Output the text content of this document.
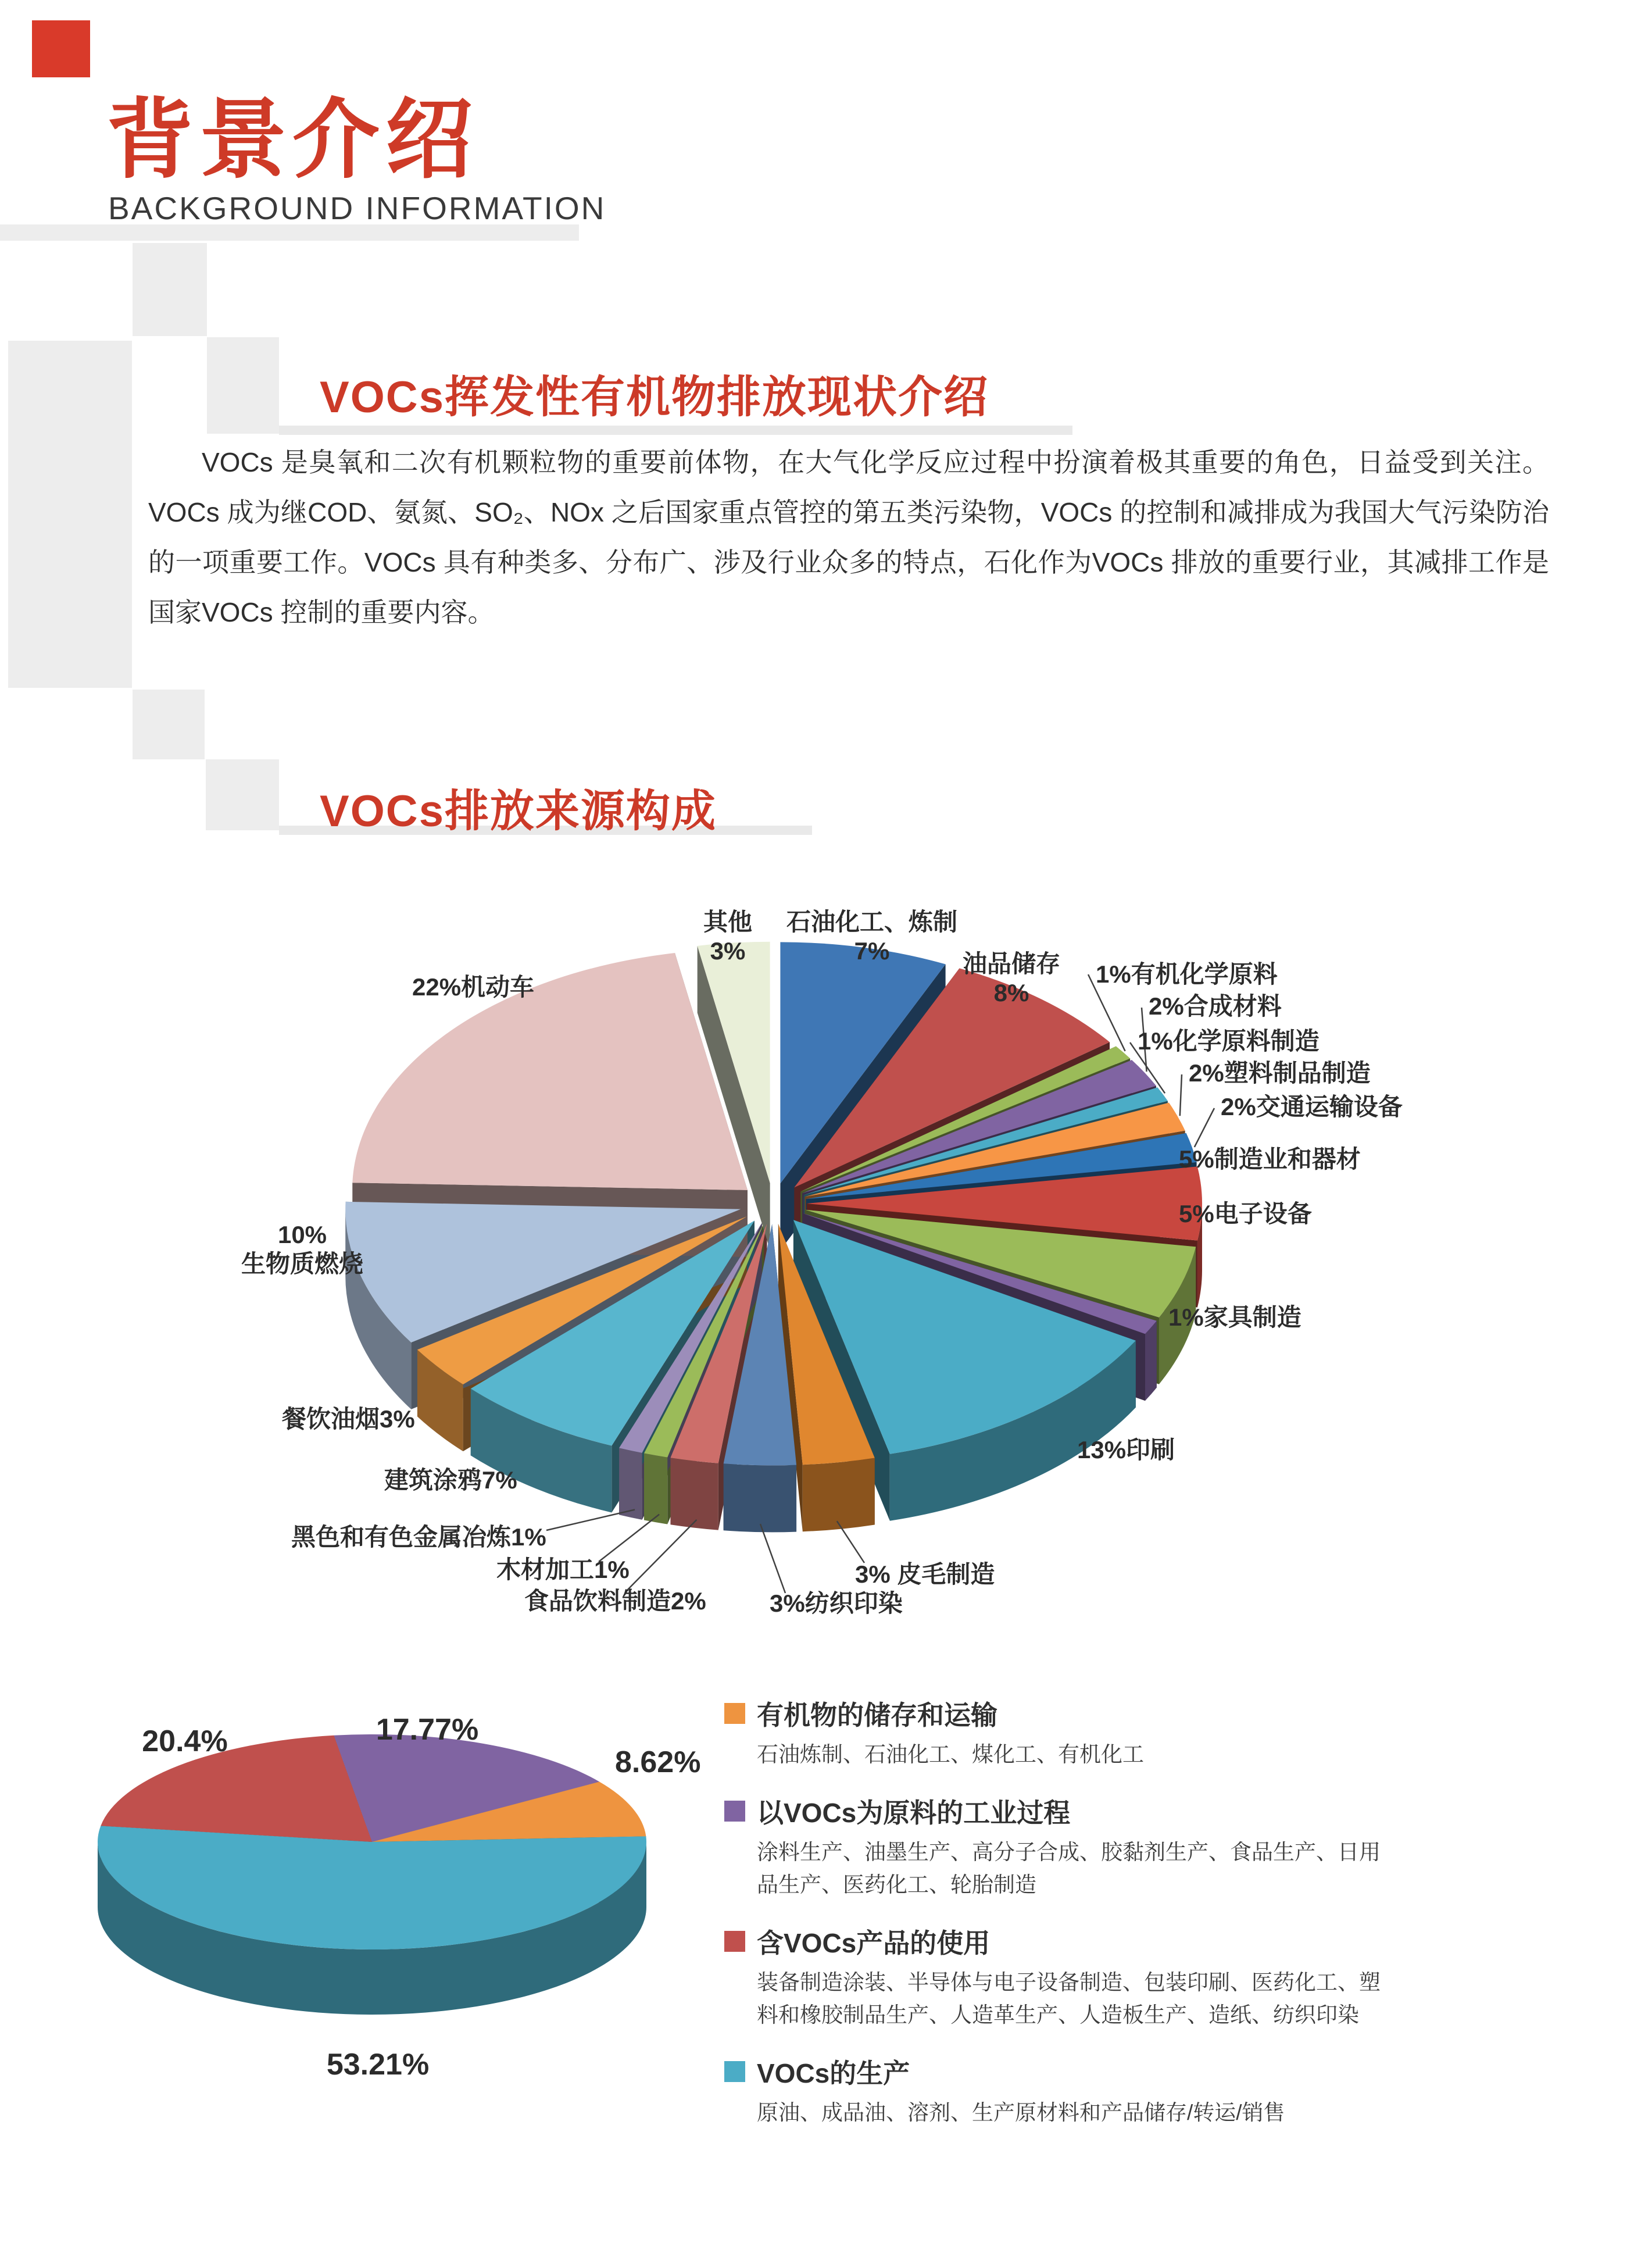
背景介绍
BACKGROUND INFORMATION
VOCs挥发性有机物排放现状介绍
VOCs 是臭氧和二次有机颗粒物的重要前体物，在大气化学反应过程中扮演着极其重要的角色，日益受到关注。VOCs 成为继COD、氨氮、SO₂、NOx 之后国家重点管控的第五类污染物，VOCs 的控制和减排成为我国大气污染防治的一项重要工作。VOCs 具有种类多、分布广、涉及行业众多的特点，石化作为VOCs 排放的重要行业，其减排工作是国家VOCs 控制的重要内容。
VOCs排放来源构成
石油化工、炼制 7%	油品储存 8%
1%有机化学原料
2%合成材料
1%化学原料制造
2%塑料制品制造
2%交通运输设备
5%制造业和器材
5%电子设备
1%家具制造
13%印刷
3% 皮毛制造
3%纺织印染
食品饮料制造2%
木材加工1%
黑色和有色金属冶炼1%
建筑涂鸦7%
餐饮油烟3%
10%生物质燃烧
22%机动车
其他 3%
17.77%
8.62%
53.21%
20.4%
有机物的储存和运输
石油炼制、石油化工、煤化工、有机化工
以VOCs为原料的工业过程
涂料生产、油墨生产、高分子合成、胶黏剂生产、食品生产、日用品生产、医药化工、轮胎制造
含VOCs产品的使用
装备制造涂装、半导体与电子设备制造、包装印刷、医药化工、塑料和橡胶制品生产、人造革生产、人造板生产、造纸、纺织印染
VOCs的生产
原油、成品油、溶剂、生产原材料和产品储存/转运/销售
